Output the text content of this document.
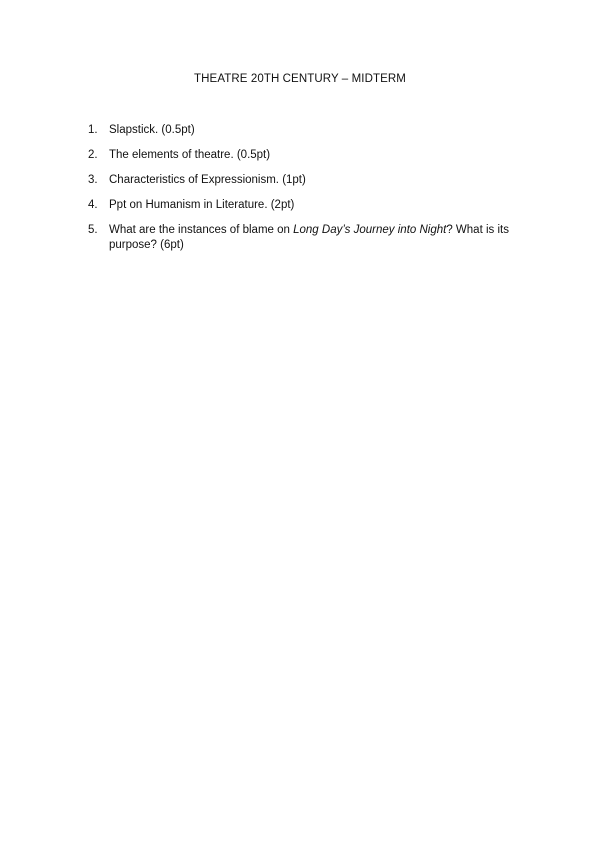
THEATRE 20TH CENTURY – MIDTERM
1. Slapstick. (0.5pt)
2. The elements of theatre. (0.5pt)
3. Characteristics of Expressionism. (1pt)
4. Ppt on Humanism in Literature. (2pt)
5. What are the instances of blame on Long Day’s Journey into Night? What is its purpose? (6pt)
